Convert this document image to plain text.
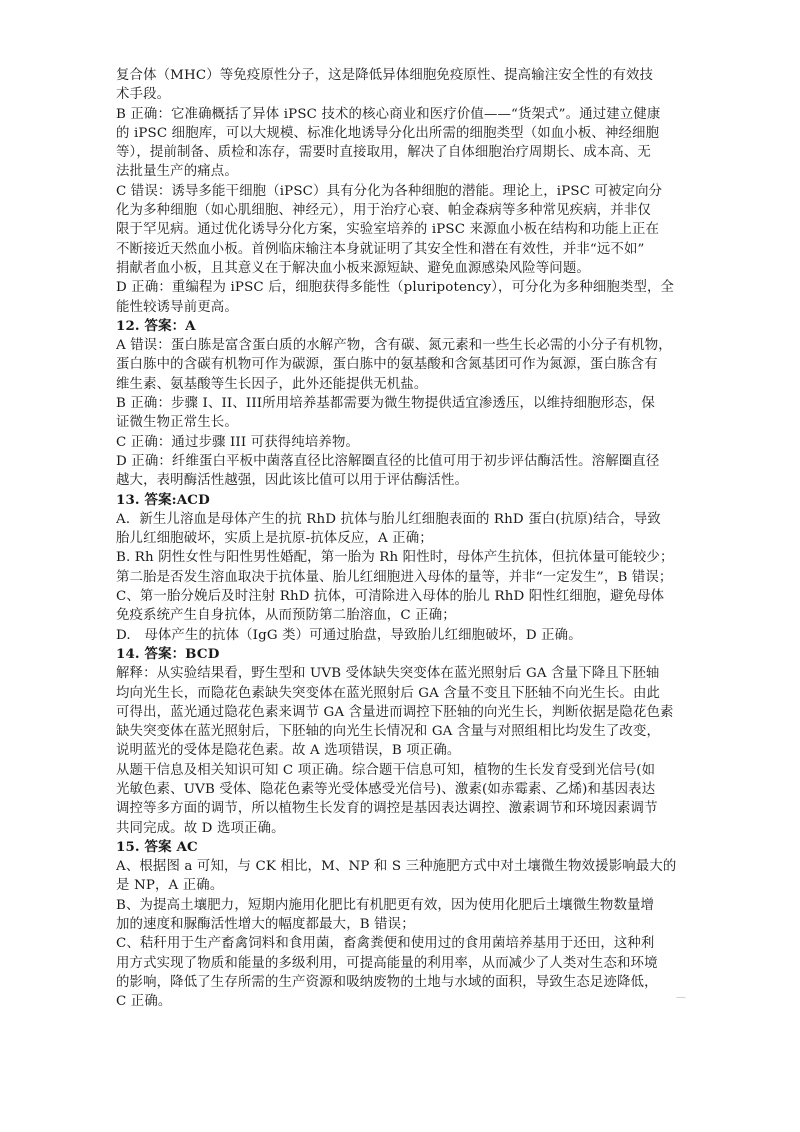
复合体（MHC）等免疫原性分子，这是降低异体细胞免疫原性、提高输注安全性的有效技
术手段。
B 正确：它准确概括了异体 iPSC 技术的核心商业和医疗价值——“货架式”。通过建立健康
的 iPSC 细胞库，可以大规模、标准化地诱导分化出所需的细胞类型（如血小板、神经细胞
等），提前制备、质检和冻存，需要时直接取用，解决了自体细胞治疗周期长、成本高、无
法批量生产的痛点。
C 错误：诱导多能干细胞（iPSC）具有分化为各种细胞的潜能。理论上，iPSC 可被定向分
化为多种细胞（如心肌细胞、神经元），用于治疗心衰、帕金森病等多种常见疾病，并非仅
限于罕见病。通过优化诱导分化方案，实验室培养的 iPSC 来源血小板在结构和功能上正在
不断接近天然血小板。首例临床输注本身就证明了其安全性和潜在有效性，并非“远不如”
捐献者血小板，且其意义在于解决血小板来源短缺、避免血源感染风险等问题。
D 正确：重编程为 iPSC 后，细胞获得多能性（pluripotency），可分化为多种细胞类型，全
能性较诱导前更高。
12. 答案：A
A 错误：蛋白胨是富含蛋白质的水解产物，含有碳、氮元素和一些生长必需的小分子有机物，
蛋白胨中的含碳有机物可作为碳源，蛋白胨中的氨基酸和含氮基团可作为氮源，蛋白胨含有
维生素、氨基酸等生长因子，此外还能提供无机盐。
B 正确：步骤 I、II、III所用培养基都需要为微生物提供适宜渗透压，以维持细胞形态，保
证微生物正常生长。
C 正确：通过步骤 III 可获得纯培养物。
D 正确：纤维蛋白平板中菌落直径比溶解圈直径的比值可用于初步评估酶活性。溶解圈直径
越大，表明酶活性越强，因此该比值可以用于评估酶活性。
13. 答案:ACD
A．新生儿溶血是母体产生的抗 RhD 抗体与胎儿红细胞表面的 RhD 蛋白(抗原)结合，导致
胎儿红细胞破坏，实质上是抗原-抗体反应，A 正确；
B. Rh 阴性女性与阳性男性婚配，第一胎为 Rh 阳性时，母体产生抗体，但抗体量可能较少；
第二胎是否发生溶血取决于抗体量、胎儿红细胞进入母体的量等，并非“一定发生”，B 错误；
C、第一胎分娩后及时注射 RhD 抗体，可清除进入母体的胎儿 RhD 阳性红细胞，避免母体
免疫系统产生自身抗体，从而预防第二胎溶血，C 正确；
D.　母体产生的抗体（IgG 类）可通过胎盘，导致胎儿红细胞破坏，D 正确。
14. 答案：BCD
解释：从实验结果看，野生型和 UVB 受体缺失突变体在蓝光照射后 GA 含量下降且下胚轴
均向光生长，而隐花色素缺失突变体在蓝光照射后 GA 含量不变且下胚轴不向光生长。由此
可得出，蓝光通过隐花色素来调节 GA 含量进而调控下胚轴的向光生长，判断依据是隐花色素
缺失突变体在蓝光照射后，下胚轴的向光生长情况和 GA 含量与对照组相比均发生了改变，
说明蓝光的受体是隐花色素。故 A 选项错误，B 项正确。
从题干信息及相关知识可知 C 项正确。综合题干信息可知，植物的生长发育受到光信号(如
光敏色素、UVB 受体、隐花色素等光受体感受光信号)、激素(如赤霉素、乙烯)和基因表达
调控等多方面的调节，所以植物生长发育的调控是基因表达调控、激素调节和环境因素调节
共同完成。故 D 选项正确。
15. 答案 AC
A、根据图 a 可知，与 CK 相比，M、NP 和 S 三种施肥方式中对土壤微生物效援影响最大的
是 NP，A 正确。
B、为提高土壤肥力，短期内施用化肥比有机肥更有效，因为使用化肥后土壤微生物数量增
加的速度和脲酶活性增大的幅度都最大，B 错误；
C、秸秆用于生产畜禽饲料和食用菌，畜禽粪便和使用过的食用菌培养基用于还田，这种利
用方式实现了物质和能量的多级利用，可提高能量的利用率，从而减少了人类对生态和环境
的影响，降低了生存所需的生产资源和吸纳废物的土地与水域的面积，导致生态足迹降低，
C 正确。
　	—
